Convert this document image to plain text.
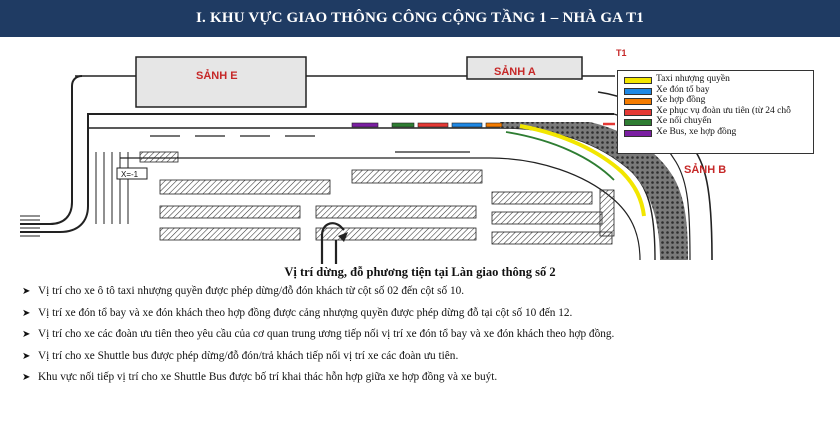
I. KHU VỰC GIAO THÔNG CÔNG CỘNG TẦNG 1 – NHÀ GA T1
X=-1
T1
SẢNH E	SẢNH A
SẢNH B
Taxi nhượng quyền
Xe đón tố bay
Xe hợp đồng
Xe phục vụ đoàn ưu tiên (từ 24 chỗ
Xe nối chuyến
Xe Bus, xe hợp đồng
Vị trí dừng, đỗ phương tiện tại Làn giao thông số 2
➤ Vị trí cho xe ô tô taxi nhượng quyền được phép dừng/đỗ đón khách từ cột số 02 đến cột số 10.
➤ Vị trí xe đón tổ bay và xe đón khách theo hợp đồng được cảng nhượng quyền được phép dừng đỗ tại cột số 10 đến 12.
➤ Vị trí cho xe các đoàn ưu tiên theo yêu cầu của cơ quan trung ương tiếp nối vị trí xe đón tổ bay và xe đón khách theo hợp đồng.
➤ Vị trí cho xe Shuttle bus được phép dừng/đỗ đón/trả khách tiếp nối vị trí xe các đoàn ưu tiên.
➤ Khu vực nối tiếp vị trí cho xe Shuttle Bus được bố trí khai thác hỗn hợp giữa xe hợp đồng và xe buýt.
